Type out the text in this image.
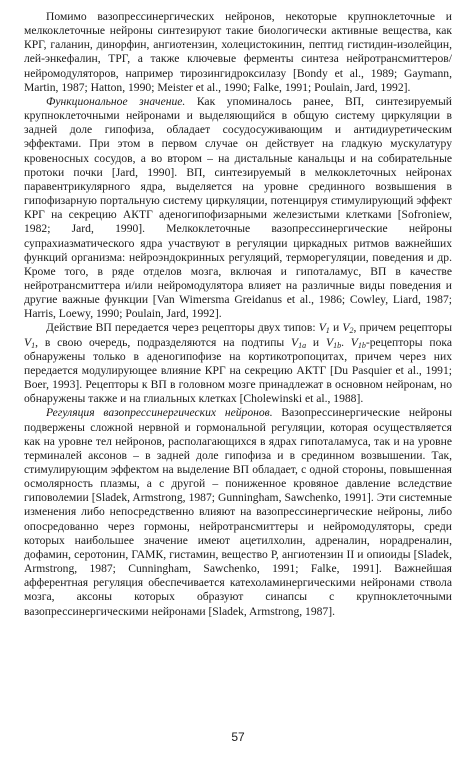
Помимо вазопрессинергических нейронов, некоторые крупноклеточные и мелкоклеточные нейроны синтезируют такие биологически активные вещества, как КРГ, галанин, динорфин, ангиотензин, холецистокинин, пептид гистидин-изолейцин, лей-энкефалин, ТРГ, а также ключевые ферменты синтеза нейротрансмиттеров/нейромодуляторов, например тирозингидроксилазу [Bondy et al., 1989; Gaymann, Martin, 1987; Hatton, 1990; Meister et al., 1990; Falke, 1991; Poulain, Jard, 1992].

Функциональное значение. Как упоминалось ранее, ВП, синтезируемый крупноклеточными нейронами и выделяющийся в общую систему циркуляции в задней доле гипофиза, обладает сосудосуживающим и антидиуретическим эффектами. При этом в первом случае он действует на гладкую мускулатуру кровеносных сосудов, а во втором – на дистальные канальцы и на собирательные протоки почки [Jard, 1990]. ВП, синтезируемый в мелкоклеточных нейронах паравентрикулярного ядра, выделяется на уровне срединного возвышения в гипофизарную портальную систему циркуляции, потенцируя стимулирующий эффект КРГ на секрецию АКТГ аденогипофизарными железистыми клетками [Sofroniew, 1982; Jard, 1990]. Мелкоклеточные вазопрессинергические нейроны супрахиазматического ядра участвуют в регуляции циркадных ритмов важнейших функций организма: нейроэндокринных регуляций, терморегуляции, поведения и др. Кроме того, в ряде отделов мозга, включая и гипоталамус, ВП в качестве нейротрансмиттера и/или нейромодулятора влияет на различные виды поведения и другие важные функции [Van Wimersma Greidanus et al., 1986; Cowley, Liard, 1987; Harris, Loewy, 1990; Poulain, Jard, 1992].

Действие ВП передается через рецепторы двух типов: $V_1$ и $V_2$, причем рецепторы $V_1$, в свою очередь, подразделяются на подтипы $V_{1a}$ и $V_{1b}$. $V_{1b}$-рецепторы пока обнаружены только в аденогипофизе на кортикотропоцитах, причем через них передается модулирующее влияние КРГ на секрецию АКТГ [Du Pasquier et al., 1991; Boer, 1993]. Рецепторы к ВП в головном мозге принадлежат в основном нейронам, но обнаружены также и на глиальных клетках [Cholewinski et al., 1988].

Регуляция вазопрессинергических нейронов. Вазопрессинергические нейроны подвержены сложной нервной и гормональной регуляции, которая осуществляется как на уровне тел нейронов, располагающихся в ядрах гипоталамуса, так и на уровне терминалей аксонов – в задней доле гипофиза и в срединном возвышении. Так, стимулирующим эффектом на выделение ВП обладает, с одной стороны, повышенная осмолярность плазмы, а с другой – пониженное кровяное давление вследствие гиповолемии [Sladek, Armstrong, 1987; Gunningham, Sawchenko, 1991]. Эти системные изменения либо непосредственно влияют на вазопрессинергические нейроны, либо опосредованно через гормоны, нейротрансмиттеры и нейромодуляторы, среди которых наибольшее значение имеют ацетилхолин, адреналин, норадреналин, дофамин, серотонин, ГАМК, гистамин, вещество Р, ангиотензин II и опиоиды [Sladek, Armstrong, 1987; Cunningham, Sawchenko, 1991; Falke, 1991]. Важнейшая афферентная регуляция обеспечивается катехоламинергическими нейронами ствола мозга, аксоны которых образуют синапсы с крупноклеточными вазопрессинергическими нейронами [Sladek, Armstrong, 1987].

57
